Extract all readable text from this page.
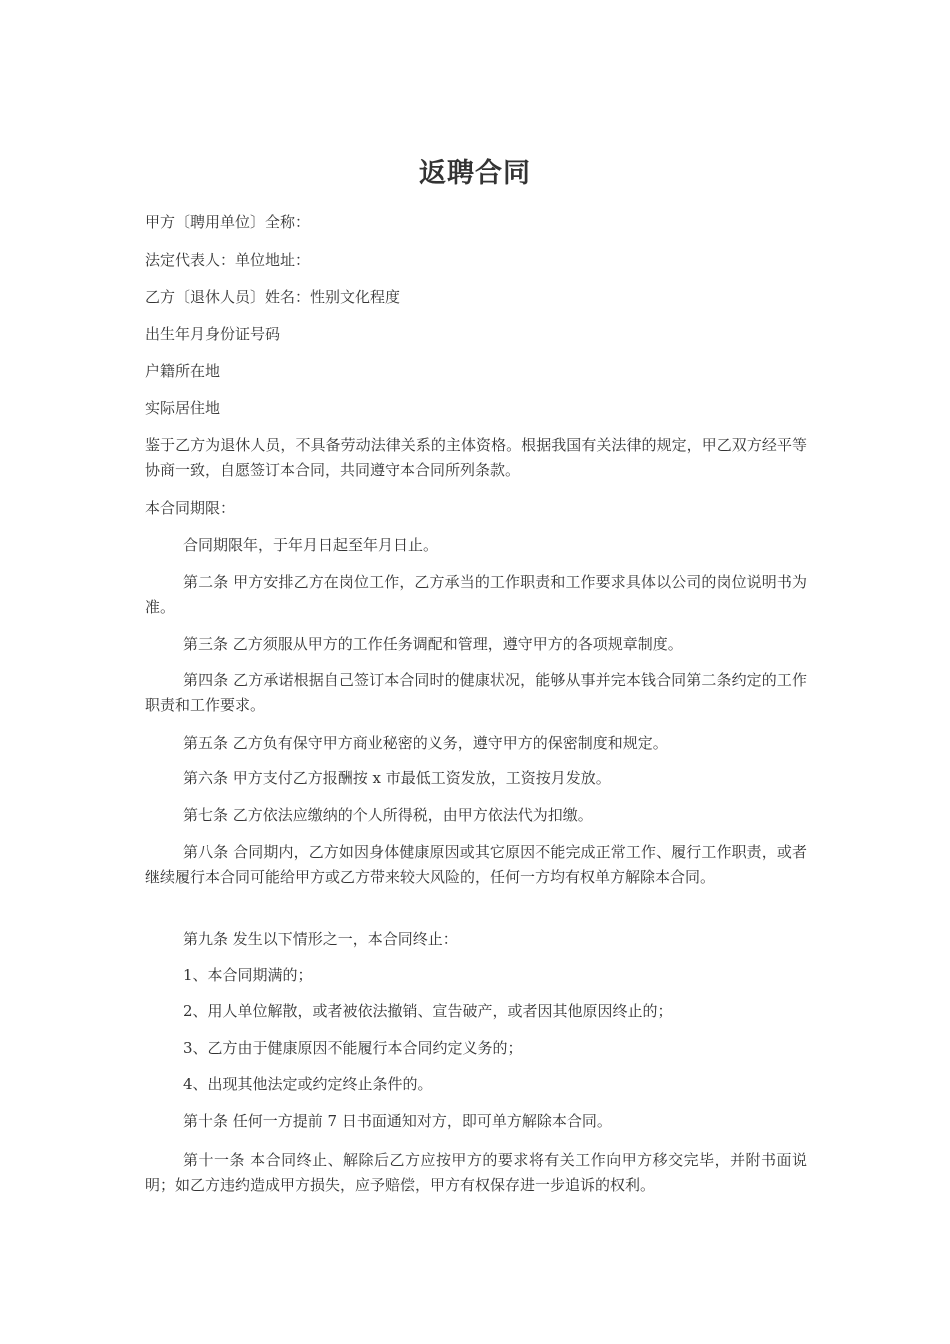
返聘合同
甲方〔聘用单位〕全称：
法定代表人：单位地址：
乙方〔退休人员〕姓名：性别文化程度
出生年月身份证号码
户籍所在地
实际居住地
鉴于乙方为退休人员，不具备劳动法律关系的主体资格。根据我国有关法律的规定，甲乙双方经平等协商一致，自愿签订本合同，共同遵守本合同所列条款。
本合同期限：
合同期限年，于年月日起至年月日止。
第二条 甲方安排乙方在岗位工作，乙方承当的工作职责和工作要求具体以公司的岗位说明书为准。
第三条 乙方须服从甲方的工作任务调配和管理，遵守甲方的各项规章制度。
第四条 乙方承诺根据自己签订本合同时的健康状况，能够从事并完本钱合同第二条约定的工作职责和工作要求。
第五条 乙方负有保守甲方商业秘密的义务，遵守甲方的保密制度和规定。
第六条 甲方支付乙方报酬按 x 市最低工资发放，工资按月发放。
第七条 乙方依法应缴纳的个人所得税，由甲方依法代为扣缴。
第八条 合同期内，乙方如因身体健康原因或其它原因不能完成正常工作、履行工作职责，或者继续履行本合同可能给甲方或乙方带来较大风险的，任何一方均有权单方解除本合同。
第九条 发生以下情形之一，本合同终止：
1、本合同期满的；
2、用人单位解散，或者被依法撤销、宣告破产，或者因其他原因终止的；
3、乙方由于健康原因不能履行本合同约定义务的；
4、出现其他法定或约定终止条件的。
第十条 任何一方提前 7 日书面通知对方，即可单方解除本合同。
第十一条 本合同终止、解除后乙方应按甲方的要求将有关工作向甲方移交完毕，并附书面说明；如乙方违约造成甲方损失，应予赔偿，甲方有权保存进一步追诉的权利。
